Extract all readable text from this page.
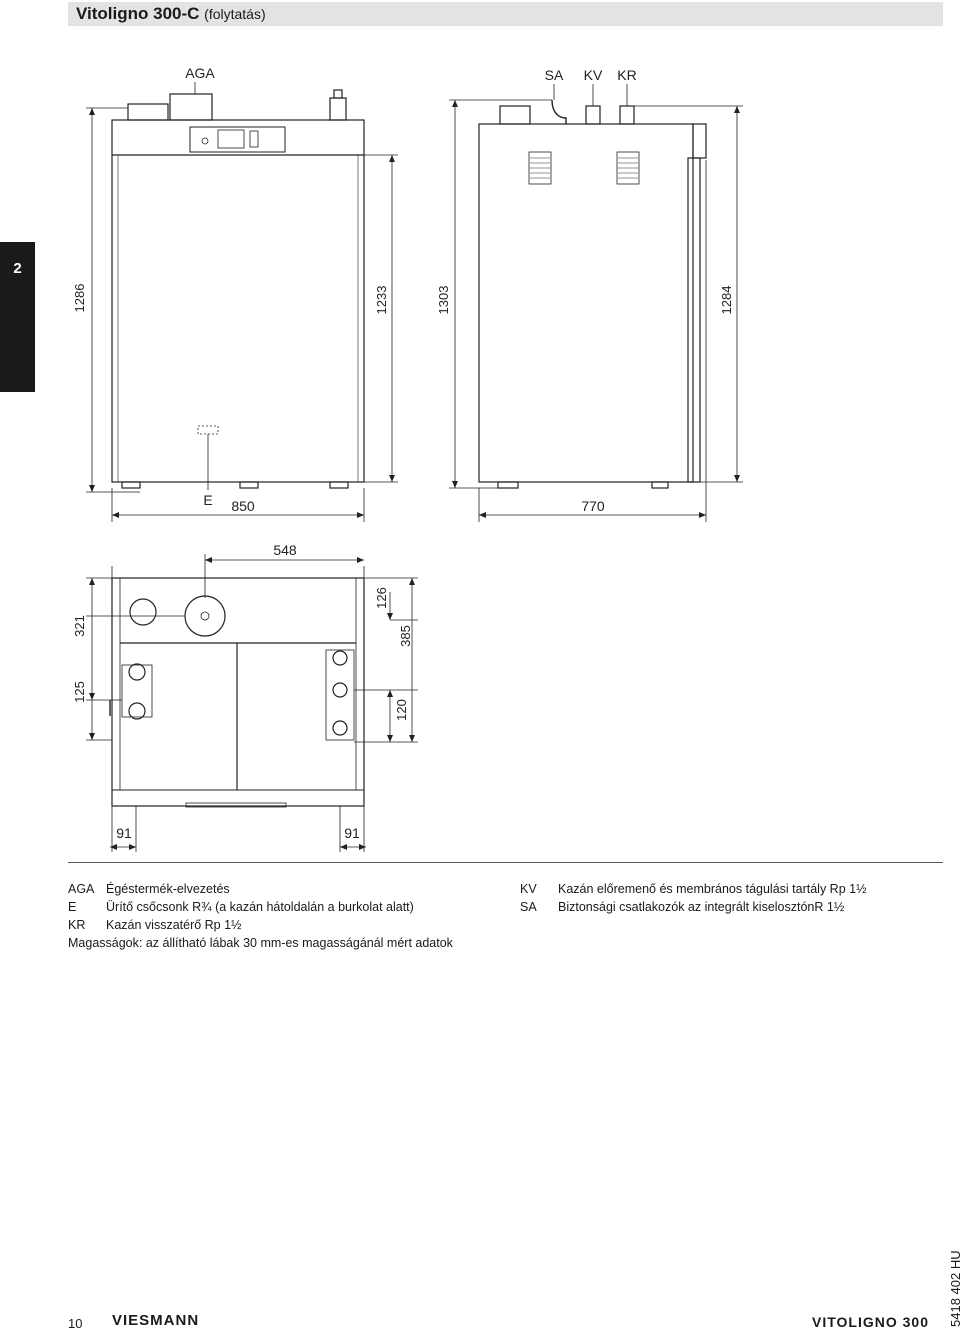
Vitoligno 300-C (folytatás)
2
AGA
E
1286	1233
850
SA KV KR
1303	1284
770
548
321
125
126
385
120
91	91
AGA Égéstermék-elvezetés
E	Ürítő csőcsonk R¾ (a kazán hátoldalán a burkolat alatt)
KR	Kazán visszatérő Rp 1½
Magasságok: az állítható lábak 30 mm-es magasságánál mért adatok
KV	Kazán előremenő és membrános tágulási tartály Rp 1½
SA	Biztonsági csatlakozók az integrált kiselosztónR 1½
10 VIESMANN	VITOLIGNO 300 5418 402 HU
